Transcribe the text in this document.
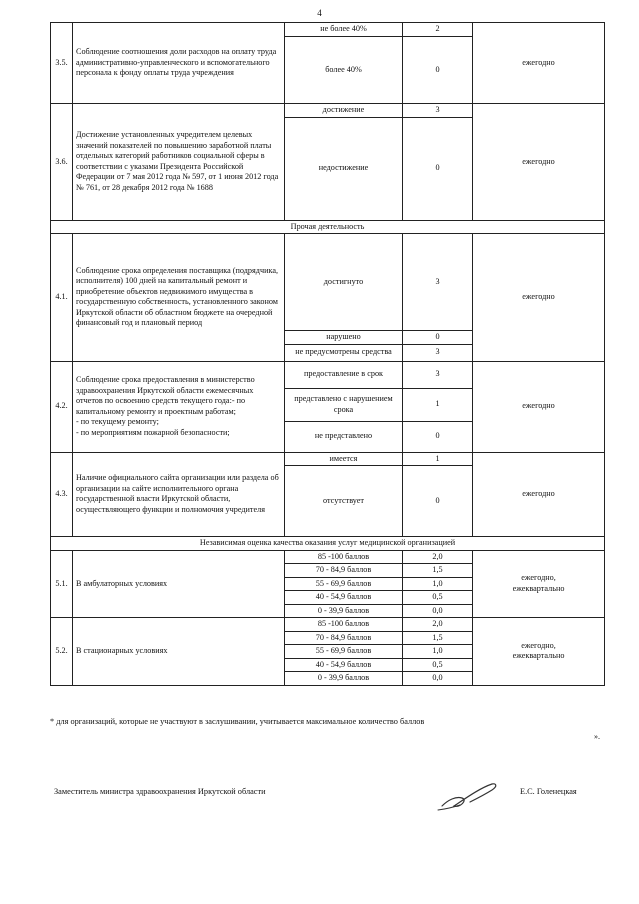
4
3.5.	Соблюдение соотношения доли расходов на оплату труда административно-управленческого и вспомогательного персонала к фонду оплаты труда учреждения	не более 40%	2	ежегодно
		более 40%	0	
3.6.	Достижение установленных учредителем целевых значений показателей по повышению заработной платы отдельных категорий работников социальной сферы в соответствии с указами Президента Российской Федерации от 7 мая 2012 года № 597, от 1 июня 2012 года № 761, от 28 декабря 2012 года № 1688	достижение	3	ежегодно
		недостижение	0	
Прочая деятельность				
4.1.	Соблюдение срока определения поставщика (подрядчика, исполнителя) 100 дней на капитальный ремонт и приобретение объектов недвижимого имущества в государственную собственность, установленного законом Иркутской области об областном бюджете на очередной финансовый год и плановый период	достигнуто	3	ежегодно
		нарушено	0	
		не предусмотрены средства	3	
4.2.	Соблюдение срока предоставления в министерство здравоохранения Иркутской области ежемесячных отчетов по освоению средств текущего года:- по капитальному ремонту и проектным работам;
- по текущему ремонту;
- по мероприятиям пожарной безопасности;	предоставление в срок	3	ежегодно
		представлено с нарушением срока	1	
		не представлено	0	
4.3.	Наличие официального сайта организации или раздела об организации на сайте исполнительного органа государственной власти Иркутской области, осуществляющего функции и полномочия учредителя	имеется	1	ежегодно
		отсутствует	0	
Независимая оценка качества оказания услуг медицинской организацией				
5.1.	В амбулаторных условиях	85 -100 баллов	2,0	ежегодно,
ежеквартально

		70 - 84,9 баллов	1,5	
		55 - 69,9 баллов	1,0	
		40 - 54,9 баллов	0,5	
		0 - 39,9 баллов	0,0	
5.2.	В стационарных условиях	85 -100 баллов	2,0	ежегодно,
ежеквартально

		70 - 84,9 баллов	1,5	
		55 - 69,9 баллов	1,0	
		40 - 54,9 баллов	0,5	
		0 - 39,9 баллов	0,0	
* для организаций, которые не участвуют в заслушивании, учитывается максимальное количество баллов
».
Заместитель министра здравоохранения Иркутской области	Е.С. Голенецкая
